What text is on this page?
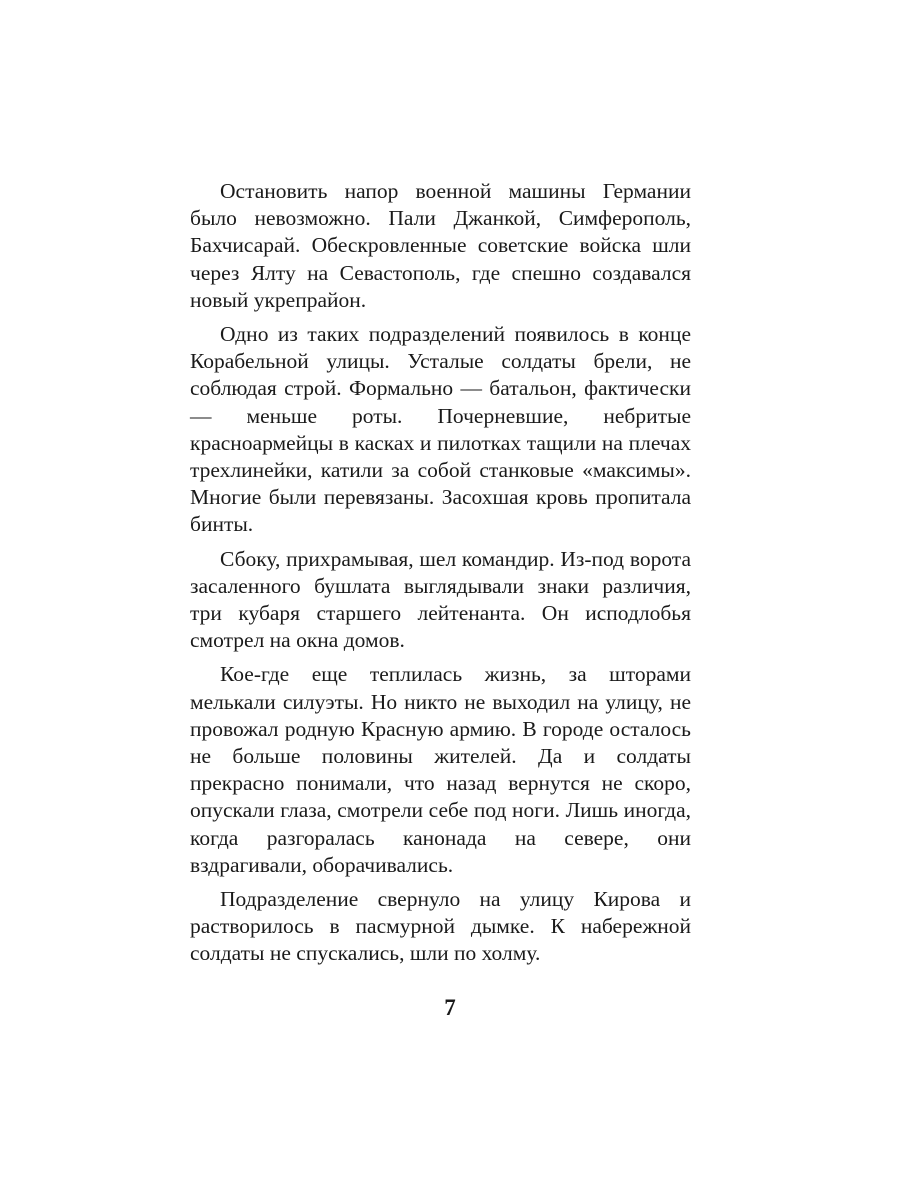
Остановить напор военной машины Германии было невозможно. Пали Джанкой, Симферополь, Бахчисарай. Обескровленные советские войска шли через Ялту на Севастополь, где спешно создавался новый укрепрайон.

Одно из таких подразделений появилось в конце Корабельной улицы. Усталые солдаты брели, не соблюдая строй. Формально — батальон, фактически — меньше роты. Почерневшие, небритые красноармейцы в касках и пилотках тащили на плечах трехлинейки, катили за собой станковые «максимы». Многие были перевязаны. Засохшая кровь пропитала бинты.

Сбоку, прихрамывая, шел командир. Из-под ворота засаленного бушлата выглядывали знаки различия, три кубаря старшего лейтенанта. Он исподлобья смотрел на окна домов.

Кое-где еще теплилась жизнь, за шторами мелькали силуэты. Но никто не выходил на улицу, не провожал родную Красную армию. В городе осталось не больше половины жителей. Да и солдаты прекрасно понимали, что назад вернутся не скоро, опускали глаза, смотрели себе под ноги. Лишь иногда, когда разгоралась канонада на севере, они вздрагивали, оборачивались.

Подразделение свернуло на улицу Кирова и растворилось в пасмурной дымке. К набережной солдаты не спускались, шли по холму.

7
